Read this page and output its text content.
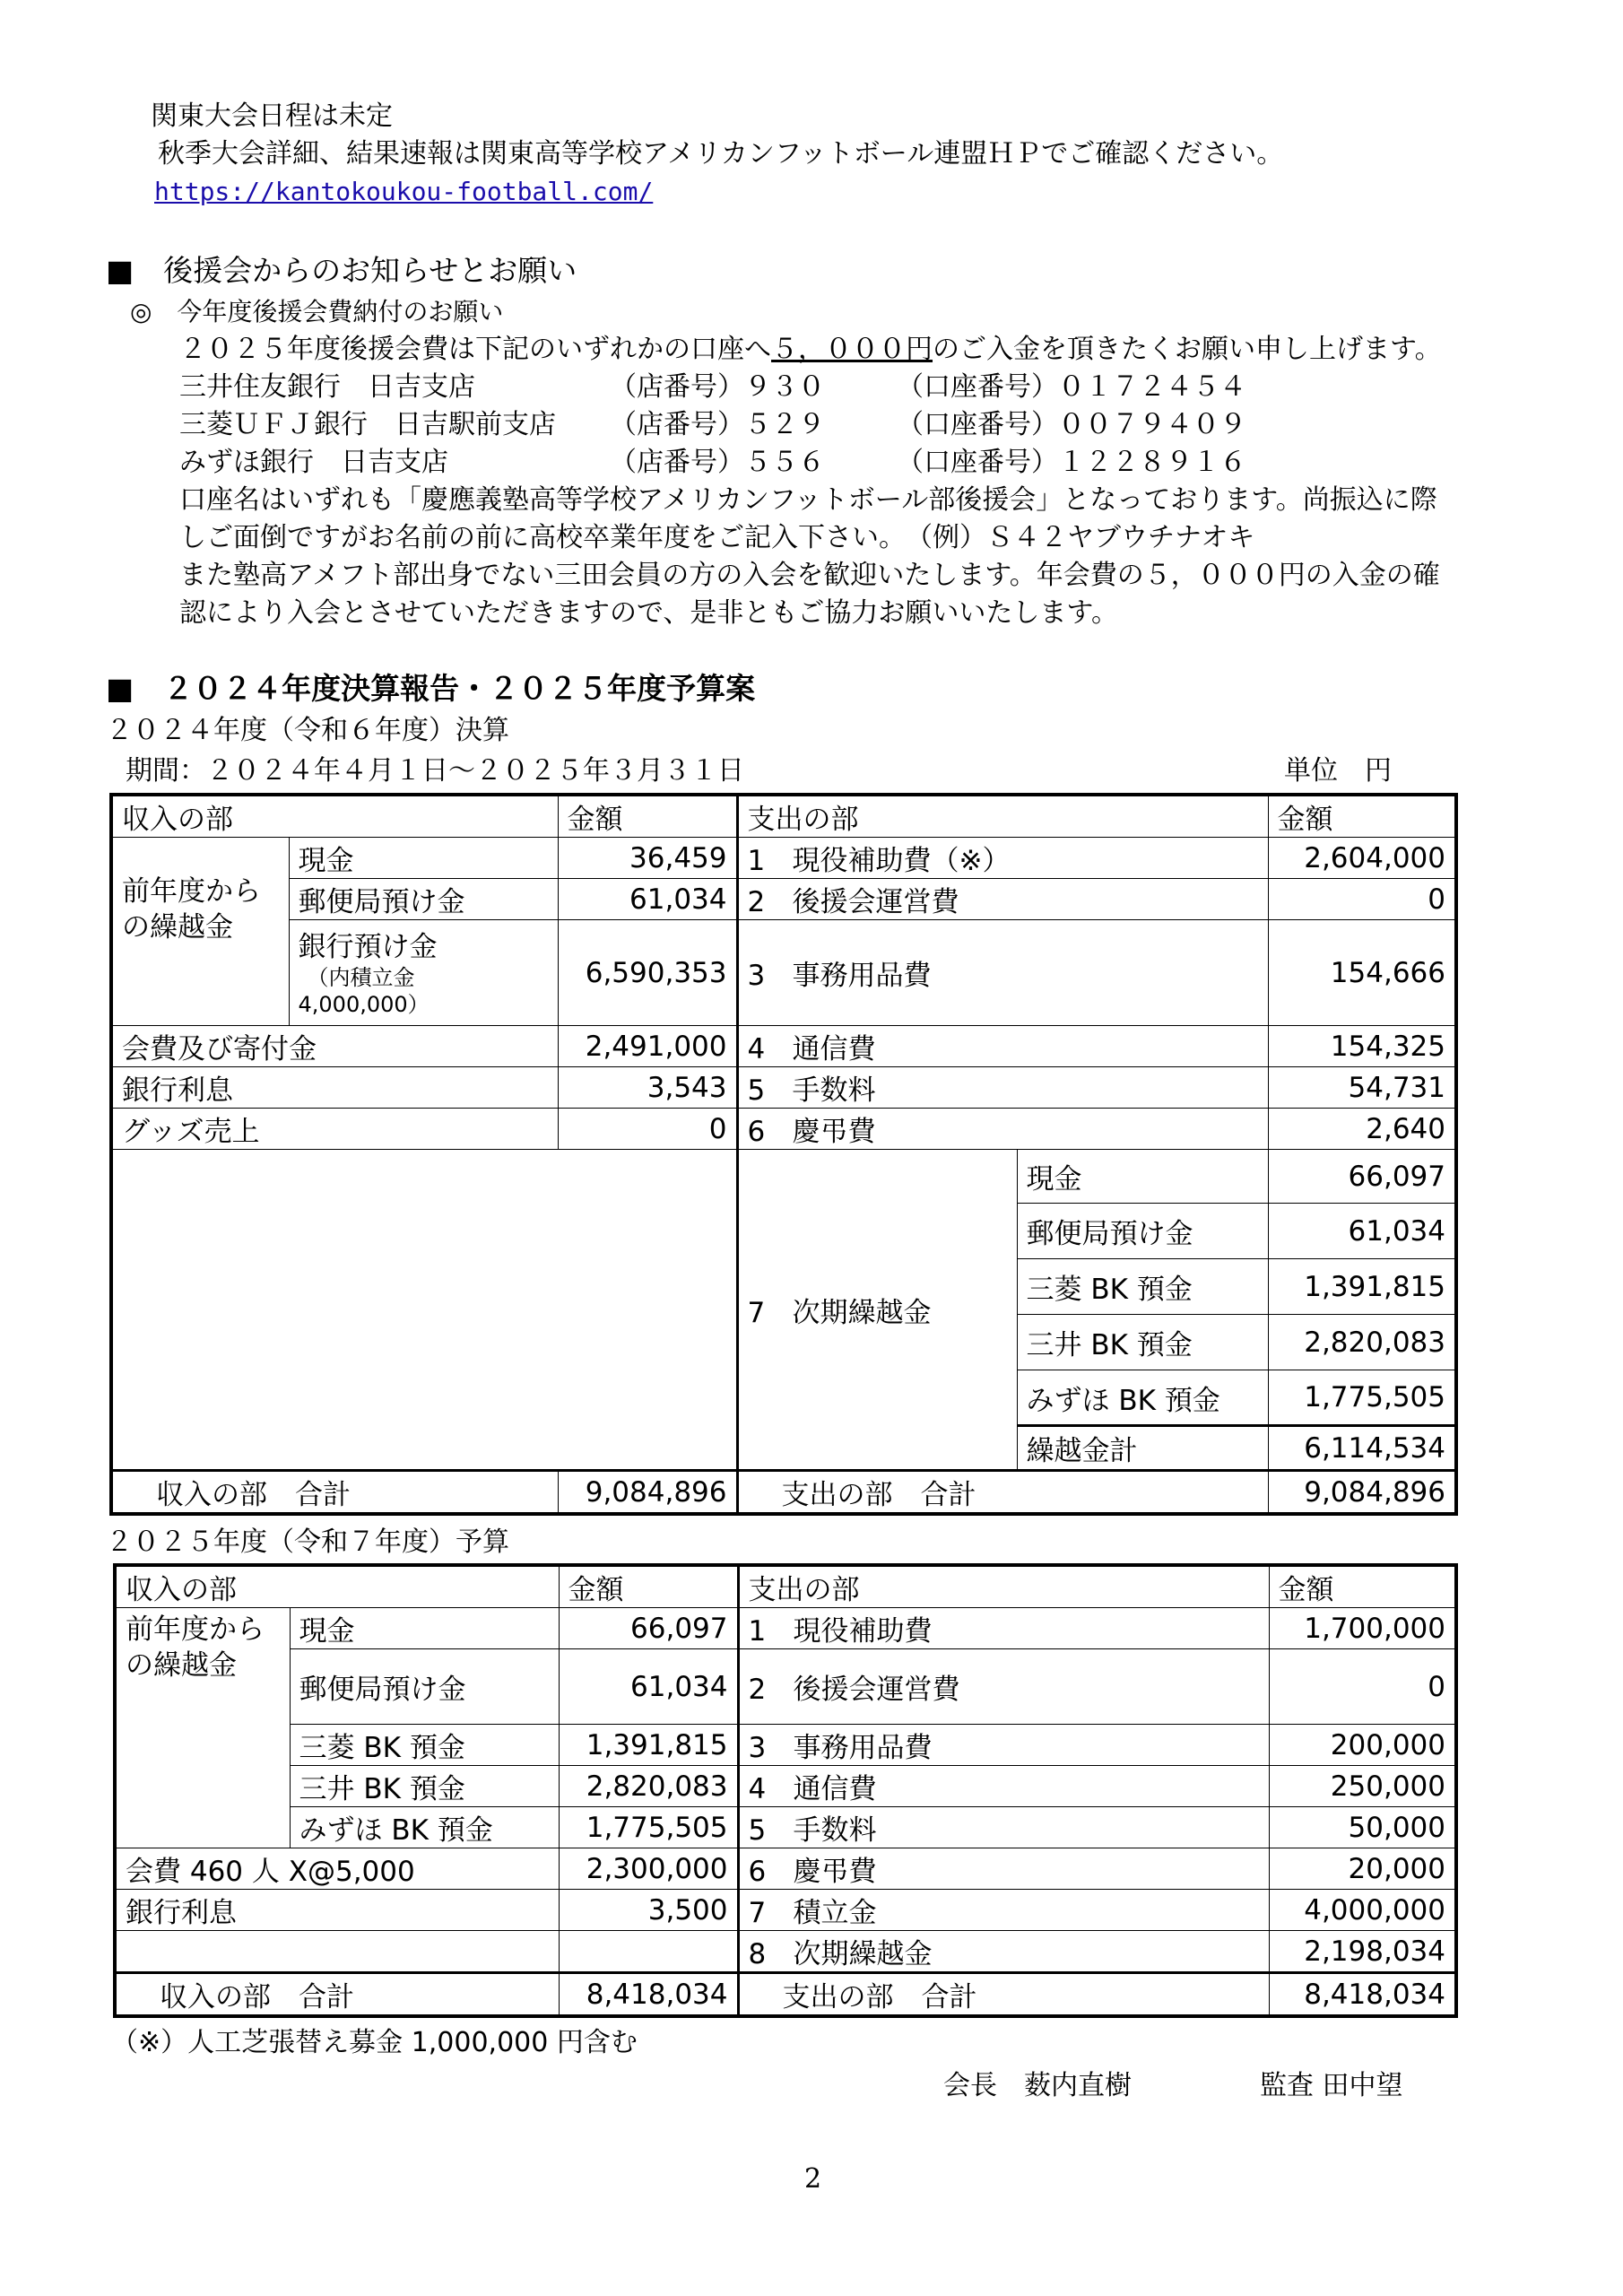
関東大会日程は未定
秋季大会詳細、結果速報は関東高等学校アメリカンフットボール連盟ＨＰでご確認ください。
https://kantokoukou-football.com/
■　後援会からのお知らせとお願い
◎　今年度後援会費納付のお願い
２０２５年度後援会費は下記のいずれかの口座へ５，０００円のご入金を頂きたくお願い申し上げます。
三井住友銀行　日吉支店	（店番号）９３０	（口座番号）０１７２４５４
三菱ＵＦＪ銀行　日吉駅前支店 （店番号）５２９	（口座番号）００７９４０９
みずほ銀行　日吉支店	（店番号）５５６	（口座番号）１２２８９１６
口座名はいずれも「慶應義塾高等学校アメリカンフットボール部後援会」となっております。尚振込に際
しご面倒ですがお名前の前に高校卒業年度をご記入下さい。　（例）Ｓ４２ヤブウチナオキ
また塾高アメフト部出身でない三田会員の方の入会を歓迎いたします。年会費の５，０００円の入金の確
認により入会とさせていただきますので、是非ともご協力お願いいたします。
■　２０２４年度決算報告・２０２５年度予算案
２０２４年度（令和６年度）決算
期間：２０２４年４月１日～２０２５年３月３１日	単位　円
収入の部		金額	支出の部		金額
前年度からの繰越金	現金	36,459	1 現役補助費（※）		2,604,000
	郵便局預け金	61,034	2 後援会運営費		0

	銀行預け金
（内積立金
4,000,000）	6,590,353	3 事務用品費		154,666
会費及び寄付金		2,491,000	4 通信費		154,325
銀行利息		3,543	5 手数料		54,731
グッズ売上		0	6 慶弔費		2,640
			7 次期繰越金	現金	66,097
				郵便局預け金	61,034
				三菱 BK 預金	1,391,815
				三井 BK 預金	2,820,083
				みずほ BK 預金	1,775,505
				繰越金計	6,114,534
収入の部　合計		9,084,896	支出の部　合計		9,084,896
２０２５年度（令和７年度）予算
収入の部		金額	支出の部	金額
前年度からの繰越金	現金	66,097	1 現役補助費	1,700,000
	郵便局預け金	61,034	2 後援会運営費	0
	三菱 BK 預金	1,391,815	3 事務用品費	200,000
	三井 BK 預金	2,820,083	4 通信費	250,000
	みずほ BK 預金	1,775,505	5 手数料	50,000
会費 460 人 X@5,000		2,300,000	6 慶弔費	20,000
銀行利息		3,500	7 積立金	4,000,000
			8 次期繰越金	2,198,034
収入の部　合計		8,418,034	支出の部　合計	8,418,034
（※）人工芝張替え募金 1,000,000 円含む
会長　薮内直樹	監査 田中望
2
